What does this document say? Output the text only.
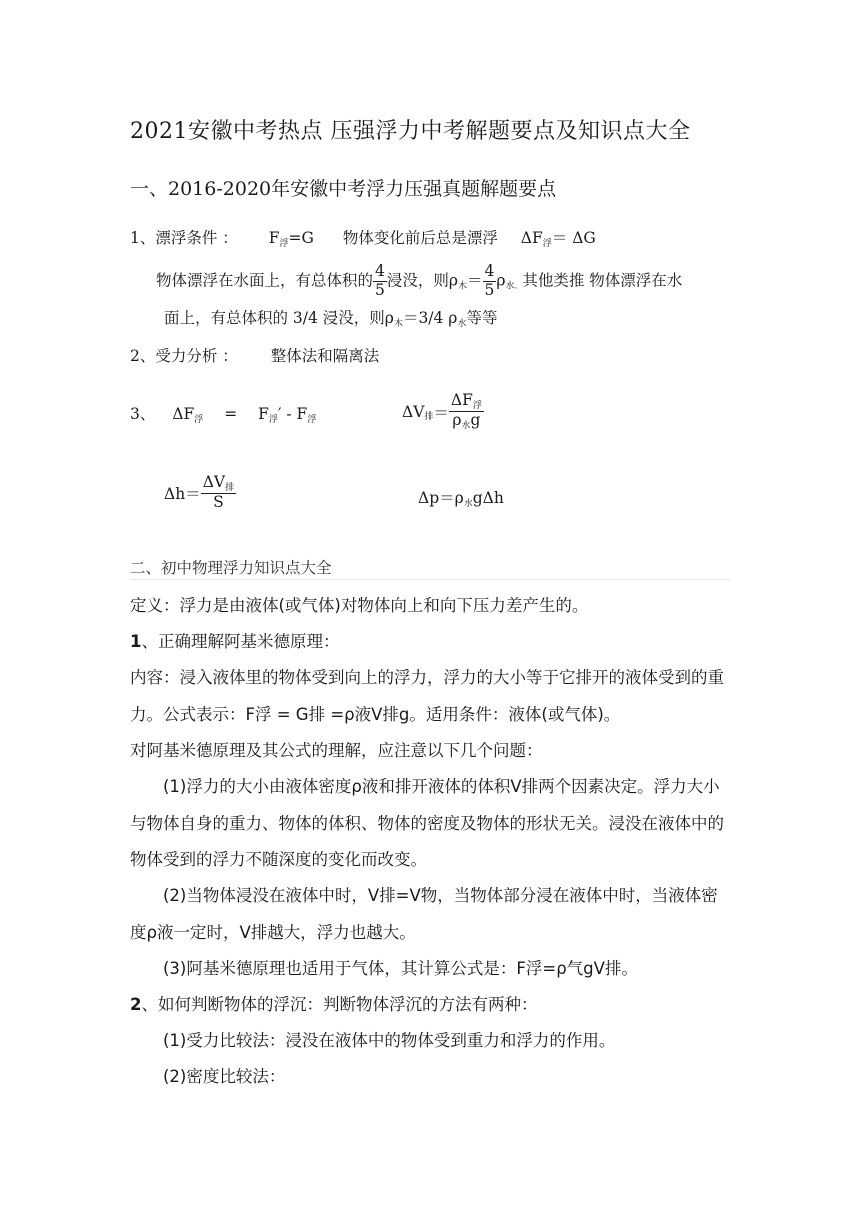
2021安徽中考热点 压强浮力中考解题要点及知识点大全
一、2016-2020年安徽中考浮力压强真题解题要点
1、漂浮条件 ： $F_浮=G$ 物体变化前后总是漂浮 $\Delta F_浮= \Delta G$
物体漂浮在水面上，有总体积的 $\frac{4}{5}$ 浸没，则$\rho_木= \frac{4}{5} \rho_{水.}$ 其他类推 物体漂浮在水
面上，有总体积的 3/4 浸没，则$\rho_木=3/4$ $\rho_水$等等
2、受力分析 ： 整体法和隔离法
3、 $\Delta F_浮 = F_浮' - F_浮$	$\Delta V_排= \frac{\Delta F_浮}{\rho_水g}$
$\Delta h= \frac{\Delta V_排}{S}$	$\Delta p=\rho_水g\Delta h$
二、初中物理浮力知识点大全
定义：浮力是由液体(或气体)对物体向上和向下压力差产生的。
1、正确理解阿基米德原理：
内容：浸入液体里的物体受到向上的浮力，浮力的大小等于它排开的液体受到的重力。公式表示：F浮 = G排 =ρ液V排g。适用条件：液体(或气体)。
对阿基米德原理及其公式的理解，应注意以下几个问题：
(1)浮力的大小由液体密度ρ液和排开液体的体积V排两个因素决定。浮力大小与物体自身的重力、物体的体积、物体的密度及物体的形状无关。浸没在液体中的物体受到的浮力不随深度的变化而改变。
(2)当物体浸没在液体中时，V排=V物，当物体部分浸在液体中时，当液体密度ρ液一定时，V排越大，浮力也越大。
(3)阿基米德原理也适用于气体，其计算公式是：F浮=ρ气gV排。
2、如何判断物体的浮沉：判断物体浮沉的方法有两种：
(1)受力比较法：浸没在液体中的物体受到重力和浮力的作用。
(2)密度比较法：
